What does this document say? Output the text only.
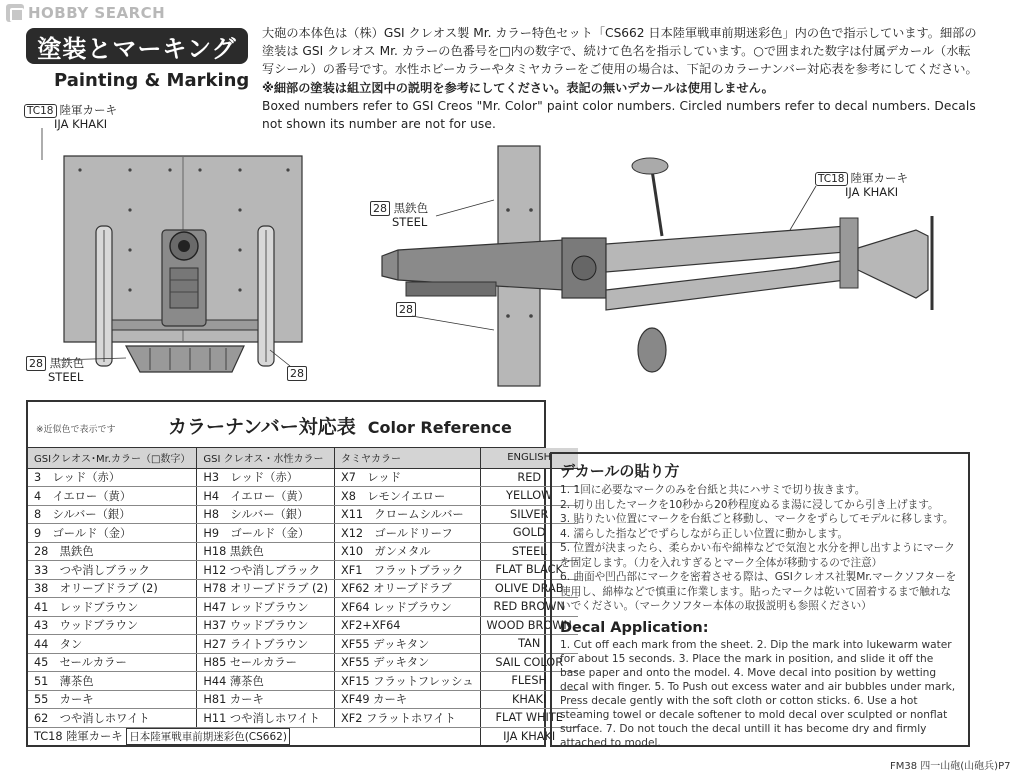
HOBBY SEARCH
塗装とマーキング
Painting & Marking

大砲の本体色は（株）GSI クレオス製 Mr. カラー特色セット「CS662 日本陸軍戦車前期迷彩色」内の色で指示しています。細部の塗装は GSI クレオス Mr. カラーの色番号を□内の数字で、続けて色名を指示しています。○で囲まれた数字は付属デカール（水転写シール）の番号です。水性ホビーカラーやタミヤカラーをご使用の場合は、下記のカラーナンバー対応表を参考にしてください。

※細部の塗装は組立図中の説明を参考にしてください。表記の無いデカールは使用しません。

Boxed numbers refer to GSI Creos "Mr. Color" paint color numbers. Circled numbers refer to decal numbers. Decals not shown its number are not for use.

TC18 陸軍カーキ
IJA KHAKI
28 黒鉄色
STEEL	28
28 黒鉄色
STEEL
28
TC18 陸軍カーキ
IJA KHAKI
※近似色で表示です	カラーナンバー対応表 Color Reference
GSIクレオス･Mr.カラー（□数字）	GSI クレオス・水性カラー	タミヤカラー	ENGLISH
3　レッド（赤）	H3　レッド（赤）	X7　レッド	RED
4　イエロー（黄）	H4　イエロー（黄）	X8　レモンイエロー	YELLOW
8　シルバー（銀）	H8　シルバー（銀）	X11　クロームシルバー	SILVER
9　ゴールド（金）	H9　ゴールド（金）	X12　ゴールドリーフ	GOLD
28　黒鉄色	H18 黒鉄色	X10　ガンメタル	STEEL
33　つや消しブラック	H12 つや消しブラック	XF1　フラットブラック	FLAT BLACK
38　オリーブドラブ (2)	H78 オリーブドラブ (2)	XF62 オリーブドラブ	OLIVE DRAB
41　レッドブラウン	H47 レッドブラウン	XF64 レッドブラウン	RED BROWN
43　ウッドブラウン	H37 ウッドブラウン	XF2+XF64	WOOD BROWN
44　タン	H27 ライトブラウン	XF55 デッキタン	TAN
45　セールカラー	H85 セールカラー	XF55 デッキタン	SAIL COLOR
51　薄茶色	H44 薄茶色	XF15 フラットフレッシュ	FLESH
55　カーキ	H81 カーキ	XF49 カーキ	KHAKI
62　つや消しホワイト	H11 つや消しホワイト	XF2 フラットホワイト	FLAT WHITE
TC18 陸軍カーキ 日本陸軍戦車前期迷彩色(CS662)			IJA KHAKI
デカールの貼り方
1. 1回に必要なマークのみを台紙と共にハサミで切り抜きます。
2. 切り出したマークを10秒から20秒程度ぬるま湯に浸してから引き上げます。
3. 貼りたい位置にマークを台紙ごと移動し、マークをずらしてモデルに移します。
4. 濡らした指などでずらしながら正しい位置に動かします。
5. 位置が決まったら、柔らかい布や綿棒などで気泡と水分を押し出すようにマークを固定します。（力を入れすぎるとマーク全体が移動するので注意）
6. 曲面や凹凸部にマークを密着させる際は、GSIクレオス社製Mr.マークソフターを使用し、綿棒などで慎重に作業します。貼ったマークは乾いて固着するまで触れないでください。（マークソフター本体の取扱説明も参照ください）
Decal Application:
1. Cut off each mark from the sheet. 2. Dip the mark into lukewarm water for about 15 seconds. 3. Place the mark in position, and slide it off the base paper and onto the model. 4. Move decal into position by wetting decal with finger. 5. To Push out excess water and air bubbles under mark, Press decale gently with the soft cloth or cotton sticks. 6. Use a hot steaming towel or decale softener to mold decal over sculpted or nonflat surface. 7. Do not touch the decal untill it has become dry and firmly attached to model.
FM38 四一山砲(山砲兵)P7
